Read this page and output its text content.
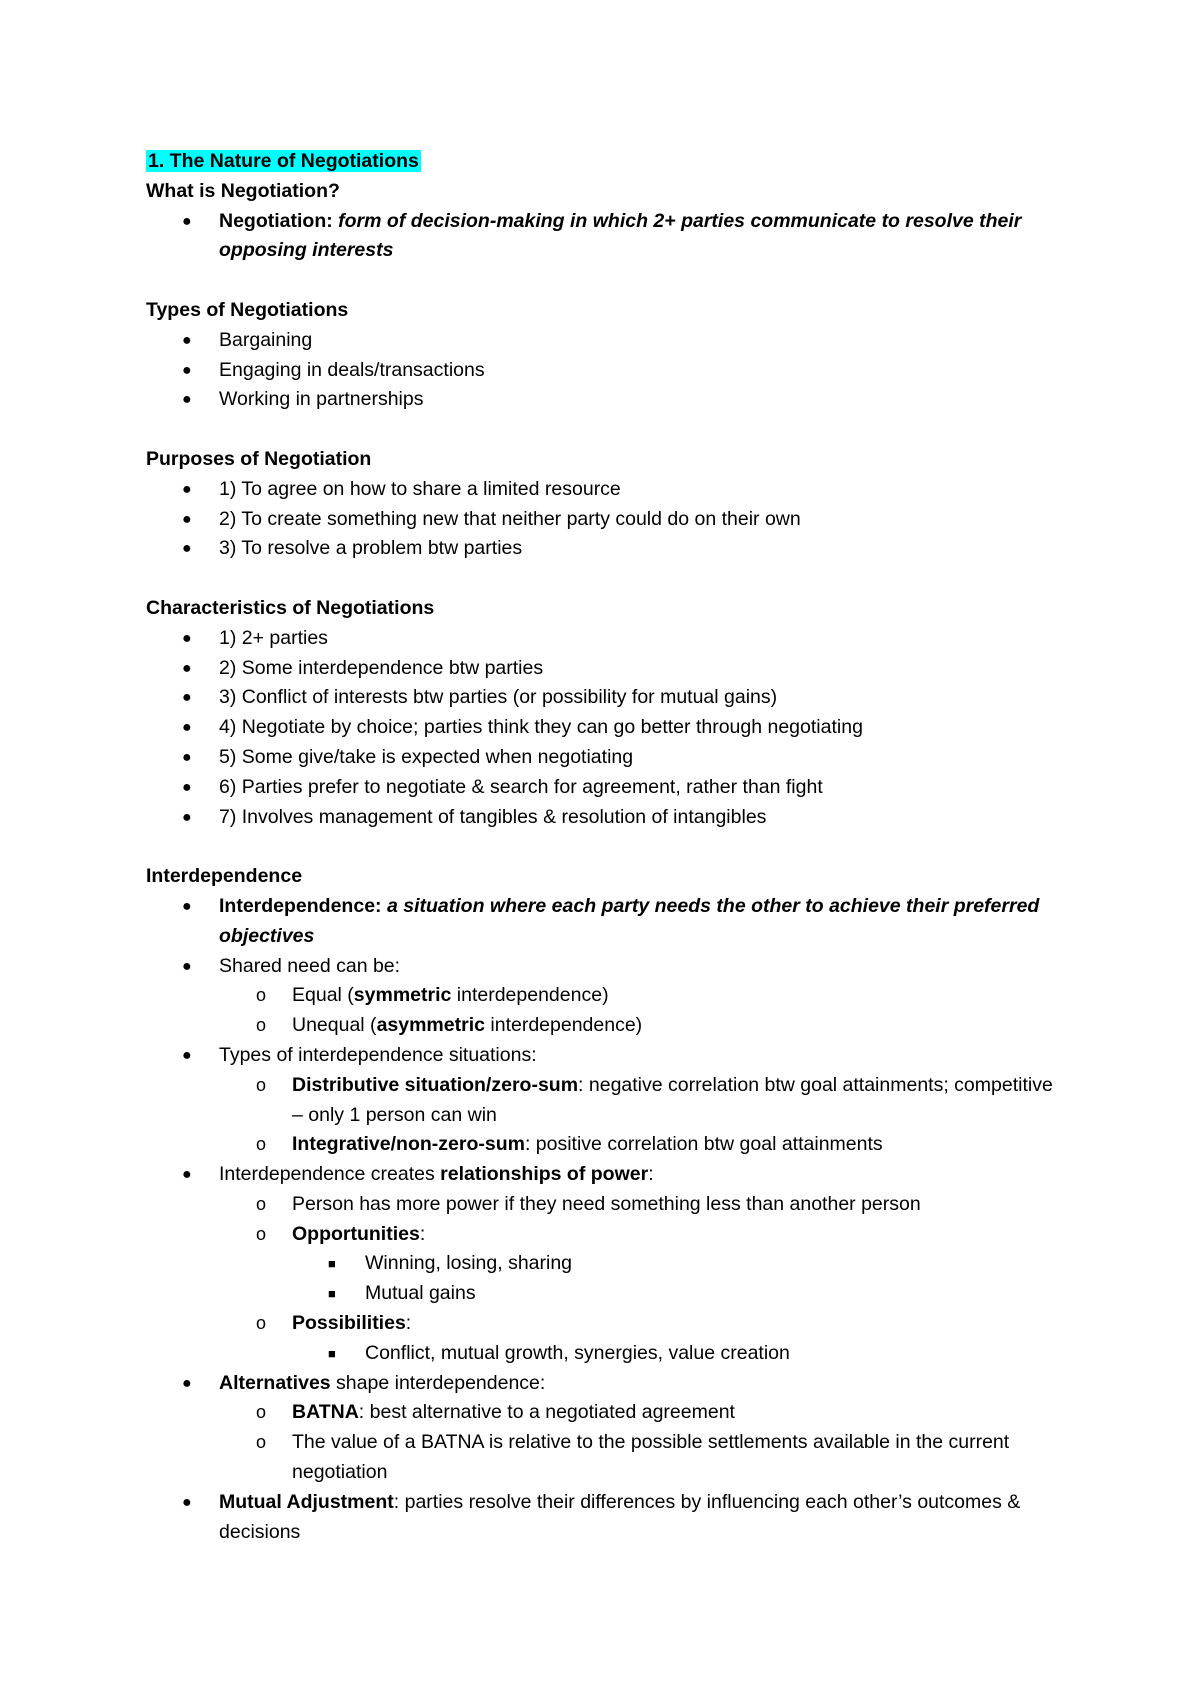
1. The Nature of Negotiations
What is Negotiation?
● Negotiation: form of decision-making in which 2+ parties communicate to resolve their opposing interests
Types of Negotiations
● Bargaining
● Engaging in deals/transactions
● Working in partnerships
Purposes of Negotiation
● 1) To agree on how to share a limited resource
● 2) To create something new that neither party could do on their own
● 3) To resolve a problem btw parties
Characteristics of Negotiations
● 1) 2+ parties
● 2) Some interdependence btw parties
● 3) Conflict of interests btw parties (or possibility for mutual gains)
● 4) Negotiate by choice; parties think they can go better through negotiating
● 5) Some give/take is expected when negotiating
● 6) Parties prefer to negotiate & search for agreement, rather than fight
● 7) Involves management of tangibles & resolution of intangibles
Interdependence
● Interdependence: a situation where each party needs the other to achieve their preferred objectives
● Shared need can be:
o Equal (symmetric interdependence)
o Unequal (asymmetric interdependence)
● Types of interdependence situations:
o Distributive situation/zero-sum: negative correlation btw goal attainments; competitive – only 1 person can win
o Integrative/non-zero-sum: positive correlation btw goal attainments
● Interdependence creates relationships of power:
o Person has more power if they need something less than another person
o Opportunities:
■ Winning, losing, sharing
■ Mutual gains
o Possibilities:
■ Conflict, mutual growth, synergies, value creation
● Alternatives shape interdependence:
o BATNA: best alternative to a negotiated agreement
o The value of a BATNA is relative to the possible settlements available in the current negotiation
● Mutual Adjustment: parties resolve their differences by influencing each other’s outcomes & decisions
